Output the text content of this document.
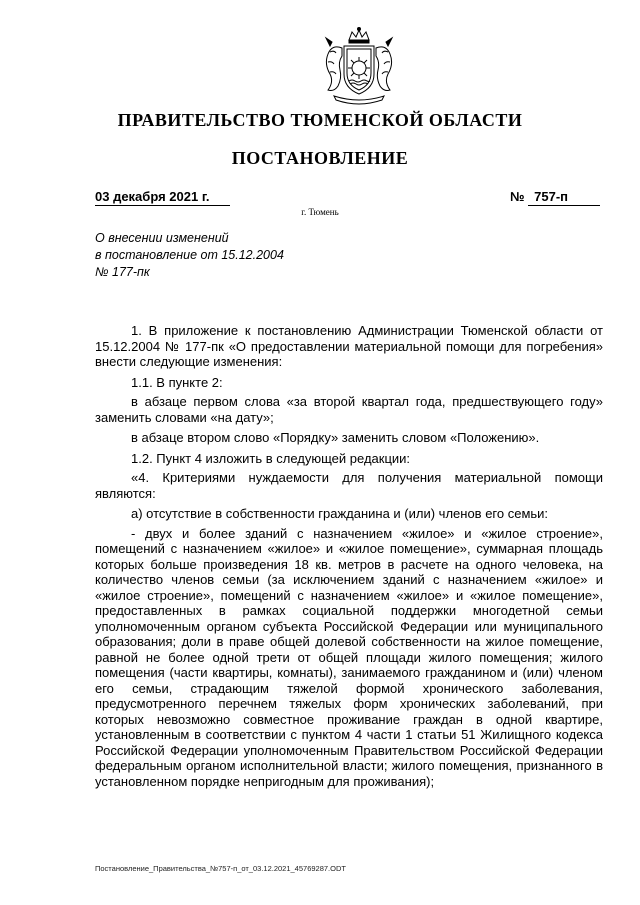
ПРАВИТЕЛЬСТВО ТЮМЕНСКОЙ ОБЛАСТИ
ПОСТАНОВЛЕНИЕ
03 декабря 2021 г.	№ 757-п
г. Тюмень
О внесении изменений
в постановление от 15.12.2004
№ 177-пк

1. В приложение к постановлению Администрации Тюменской области от 15.12.2004 № 177-пк «О предоставлении материальной помощи для погребения» внести следующие изменения:

1.1. В пункте 2:

в абзаце первом слова «за второй квартал года, предшествующего году» заменить словами «на дату»;

в абзаце втором слово «Порядку» заменить словом «Положению».

1.2. Пункт 4 изложить в следующей редакции:

«4. Критериями нуждаемости для получения материальной помощи являются:

а) отсутствие в собственности гражданина и (или) членов его семьи:

- двух и более зданий с назначением «жилое» и «жилое строение», помещений с назначением «жилое» и «жилое помещение», суммарная площадь которых больше произведения 18 кв. метров в расчете на одного человека, на количество членов семьи (за исключением зданий с назначением «жилое» и «жилое строение», помещений с назначением «жилое» и «жилое помещение», предоставленных в рамках социальной поддержки многодетной семьи уполномоченным органом субъекта Российской Федерации или муниципального образования; доли в праве общей долевой собственности на жилое помещение, равной не более одной трети от общей площади жилого помещения; жилого помещения (части квартиры, комнаты), занимаемого гражданином и (или) членом его семьи, страдающим тяжелой формой хронического заболевания, предусмотренного перечнем тяжелых форм хронических заболеваний, при которых невозможно совместное проживание граждан в одной квартире, установленным в соответствии с пунктом 4 части 1 статьи 51 Жилищного кодекса Российской Федерации уполномоченным Правительством Российской Федерации федеральным органом исполнительной власти; жилого помещения, признанного в установленном порядке непригодным для проживания);

Постановление_Правительства_№757-п_от_03.12.2021_45769287.ODT
